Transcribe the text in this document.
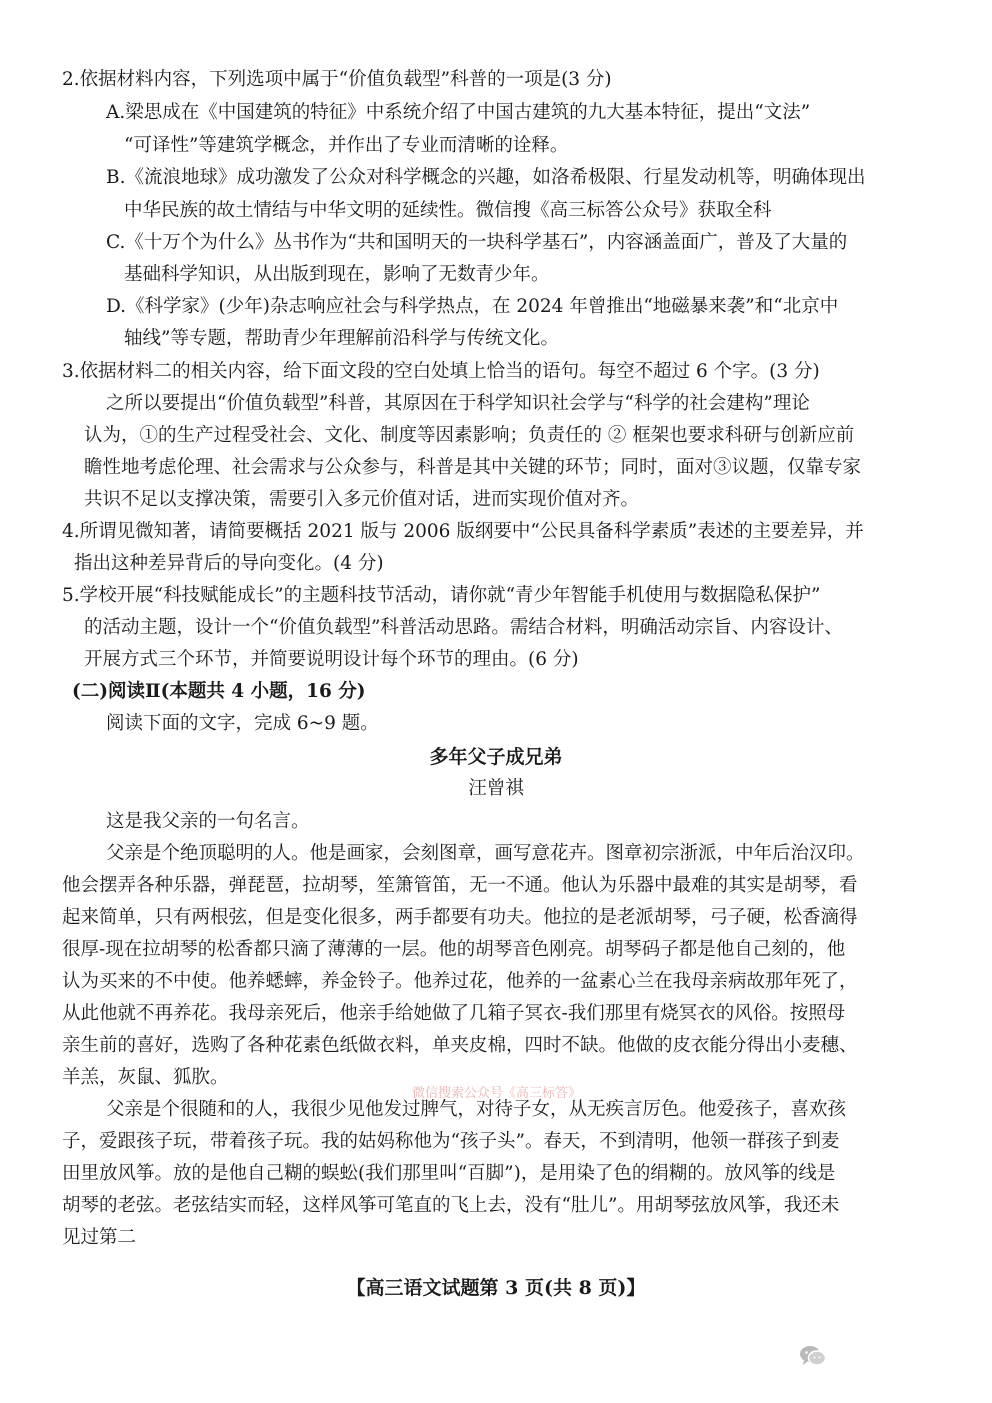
2.依据材料内容，下列选项中属于“价值负载型”科普的一项是(3 分)
A.梁思成在《中国建筑的特征》中系统介绍了中国古建筑的九大基本特征，提出“文法”
“可译性”等建筑学概念，并作出了专业而清晰的诠释。
B.《流浪地球》成功激发了公众对科学概念的兴趣，如洛希极限、行星发动机等，明确体现出
中华民族的故土情结与中华文明的延续性。微信搜《高三标答公众号》获取全科
C.《十万个为什么》丛书作为“共和国明天的一块科学基石”，内容涵盖面广，普及了大量的
基础科学知识，从出版到现在，影响了无数青少年。
D.《科学家》(少年)杂志响应社会与科学热点，在 2024 年曾推出“地磁暴来袭”和“北京中
轴线”等专题，帮助青少年理解前沿科学与传统文化。
3.依据材料二的相关内容，给下面文段的空白处填上恰当的语句。每空不超过 6 个字。(3 分)
之所以要提出“价值负载型”科普，其原因在于科学知识社会学与“科学的社会建构”理论
认为，①的生产过程受社会、文化、制度等因素影响；负责任的 ② 框架也要求科研与创新应前
瞻性地考虑伦理、社会需求与公众参与，科普是其中关键的环节；同时，面对③议题，仅靠专家
共识不足以支撑决策，需要引入多元价值对话，进而实现价值对齐。
4.所谓见微知著，请简要概括 2021 版与 2006 版纲要中“公民具备科学素质”表述的主要差异，并
指出这种差异背后的导向变化。(4 分)
5.学校开展“科技赋能成长”的主题科技节活动，请你就“青少年智能手机使用与数据隐私保护”
的活动主题，设计一个“价值负载型”科普活动思路。需结合材料，明确活动宗旨、内容设计、
开展方式三个环节，并简要说明设计每个环节的理由。(6 分)
(二)阅读Ⅱ(本题共 4 小题，16 分)
阅读下面的文字，完成 6~9 题。
多年父子成兄弟
汪曾祺
这是我父亲的一句名言。
父亲是个绝顶聪明的人。他是画家，会刻图章，画写意花卉。图章初宗浙派，中年后治汉印。
他会摆弄各种乐器，弹琵琶，拉胡琴，笙箫管笛，无一不通。他认为乐器中最难的其实是胡琴，看
起来简单，只有两根弦，但是变化很多，两手都要有功夫。他拉的是老派胡琴，弓子硬，松香滴得
很厚-现在拉胡琴的松香都只滴了薄薄的一层。他的胡琴音色刚亮。胡琴码子都是他自己刻的，他
认为买来的不中使。他养蟋蟀，养金铃子。他养过花，他养的一盆素心兰在我母亲病故那年死了，
从此他就不再养花。我母亲死后，他亲手给她做了几箱子冥衣-我们那里有烧冥衣的风俗。按照母
亲生前的喜好，选购了各种花素色纸做衣料，单夹皮棉，四时不缺。他做的皮衣能分得出小麦穗、
羊羔，灰鼠、狐肷。
父亲是个很随和的人，我很少见他发过脾气，对待子女，从无疾言厉色。他爱孩子，喜欢孩
子，爱跟孩子玩，带着孩子玩。我的姑妈称他为“孩子头”。春天，不到清明，他领一群孩子到麦
田里放风筝。放的是他自己糊的蜈蚣(我们那里叫“百脚”)，是用染了色的绢糊的。放风筝的线是
胡琴的老弦。老弦结实而轻，这样风筝可笔直的飞上去，没有“肚儿”。用胡琴弦放风筝，我还未
见过第二
微信搜索公众号《高三标答》
【高三语文试题第 3 页(共 8 页)】
